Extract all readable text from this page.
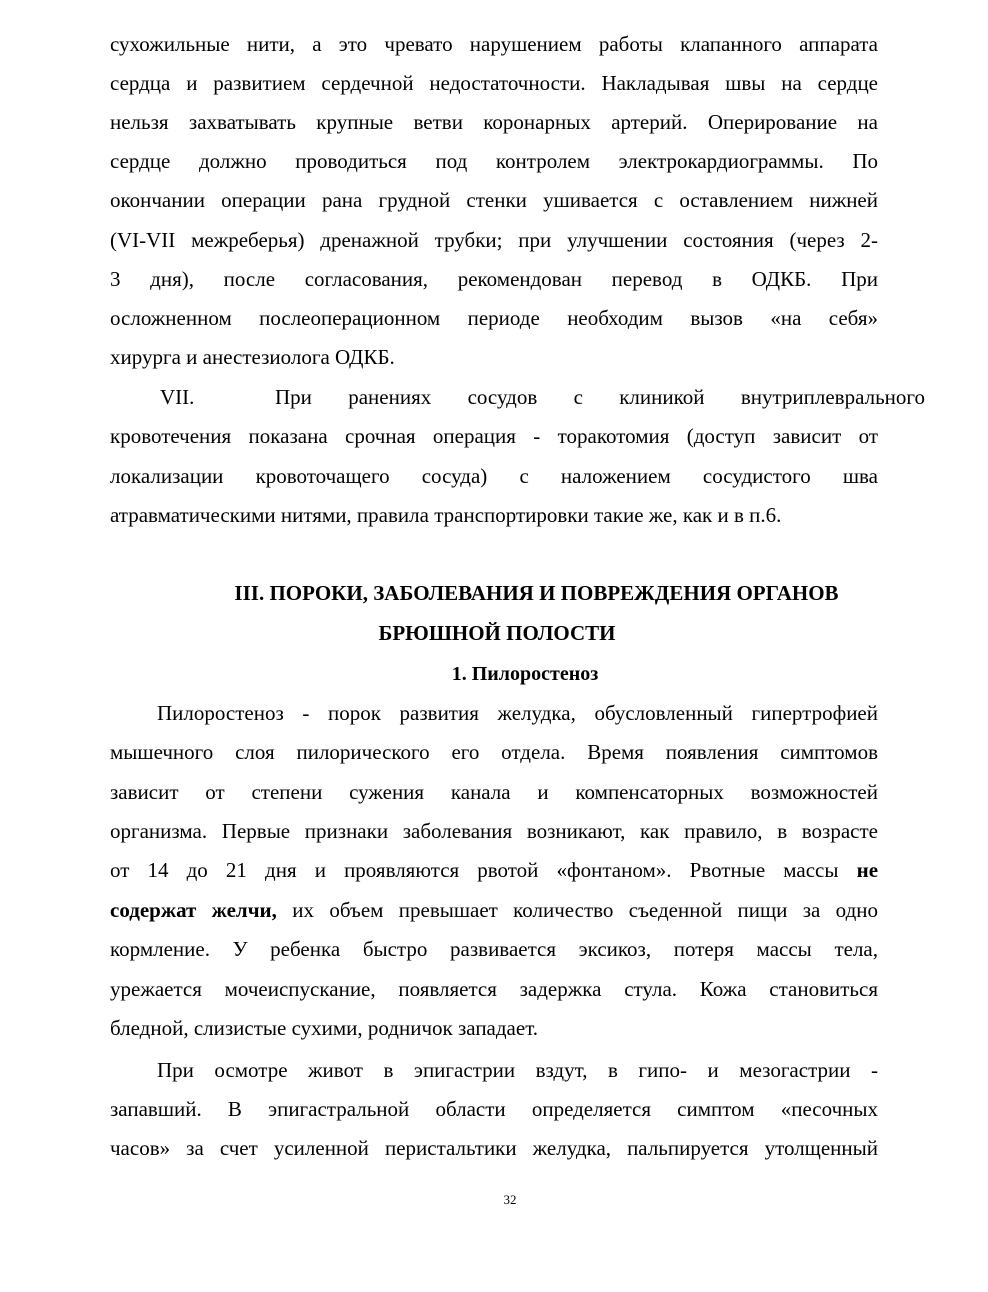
сухожильные нити, а это чревато нарушением работы клапанного аппарата
сердца и развитием сердечной недостаточности. Накладывая швы на сердце
нельзя захватывать крупные ветви коронарных артерий. Оперирование на
сердце должно проводиться под контролем электрокардиограммы. По
окончании операции рана грудной стенки ушивается с оставлением нижней
(VI-VII межреберья) дренажной трубки; при улучшении состояния (через 2-
3 дня), после согласования, рекомендован перевод в ОДКБ. При
осложненном послеоперационном периоде необходим вызов «на себя»
хирурга и анестезиолога ОДКБ.
VII.	При ранениях сосудов с клиникой внутриплеврального
кровотечения показана срочная операция - торакотомия (доступ зависит от
локализации кровоточащего сосуда) с наложением сосудистого шва
атравматическими нитями, правила транспортировки такие же, как и в п.6.
III. ПОРОКИ, ЗАБОЛЕВАНИЯ И ПОВРЕЖДЕНИЯ ОРГАНОВ
БРЮШНОЙ ПОЛОСТИ
1. Пилоростеноз
Пилоростеноз - порок развития желудка, обусловленный гипертрофией
мышечного слоя пилорического его отдела. Время появления симптомов
зависит от степени сужения канала и компенсаторных возможностей
организма. Первые признаки заболевания возникают, как правило, в возрасте
от 14 до 21 дня и проявляются рвотой «фонтаном». Рвотные массы не
содержат желчи, их объем превышает количество съеденной пищи за одно
кормление. У ребенка быстро развивается эксикоз, потеря массы тела,
урежается мочеиспускание, появляется задержка стула. Кожа становиться
бледной, слизистые сухими, родничок западает.
При осмотре живот в эпигастрии вздут, в гипо- и мезогастрии -
запавший. В эпигастральной области определяется симптом «песочных
часов» за счет усиленной перистальтики желудка, пальпируется утолщенный
32
